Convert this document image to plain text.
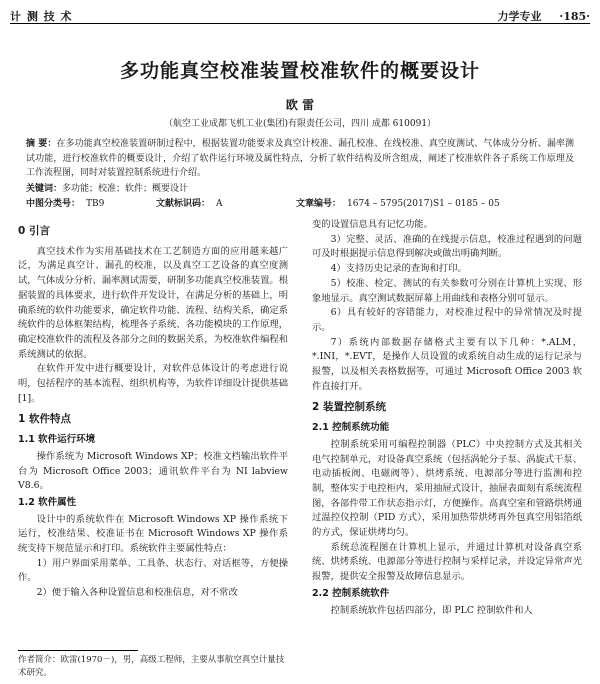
计 测 技 术	力学专业 ·185·
多功能真空校准装置校准软件的概要设计
欧 雷
（航空工业成都飞机工业(集团)有限责任公司，四川 成都 610091）
摘 要：在多功能真空校准装置研制过程中，根据装置功能要求及真空计校准、漏孔校准、在线校准、真空度测试、气体成分分析、漏率测试功能，进行校准软件的概要设计，介绍了软件运行环境及属性特点，分析了软件结构及所含组成，阐述了校准软件各子系统工作原理及工作流程图，同时对装置控制系统进行介绍。
关键词：多功能；校准；软件；概要设计
中图分类号： TB9	文献标识码： A	文章编号： 1674 – 5795(2017)S1 – 0185 – 05
0 引言

真空技术作为实用基础技术在工艺制造方面的应用越来越广泛，为满足真空计、漏孔的校准，以及真空工艺设备的真空度测试，气体成分分析、漏率测试需要，研制多功能真空校准装置。根据装置的具体要求，进行软件开发设计，在满足分析的基础上，明确系统的软件功能要求，确定软件功能、流程、结构关系，确定系统软件的总体框架结构，梳理各子系统、各功能模块的工作原理，确定校准软件的流程及各部分之间的数据关系，为校准软件编程和系统测试的依据。

在软件开发中进行概要设计，对软件总体设计的考虑进行说明，包括程序的基本流程、组织机构等，为软件详细设计提供基础[1]。

1 软件特点
1.1 软件运行环境

操作系统为 Microsoft Windows XP；校准文档输出软件平台为 Microsoft Office 2003；通讯软件平台为 NI labview V8.6。

1.2 软件属性

设计中的系统软件在 Microsoft Windows XP 操作系统下运行，校准结果、校准证书在 Microsoft Windows XP 操作系统支持下规范显示和打印。系统软件主要属性特点：

1）用户界面采用菜单、工具条、状态行、对话框等，方便操作。

2）便于输入各种设置信息和校准信息，对不常改

作者简介：欧雷(1970－)，男，高级工程师，主要从事航空真空计量技术研究。

变的设置信息具有记忆功能。

3）完整、灵活、准确的在线提示信息，校准过程遇到的问题可及时根据提示信息得到解决或做出明确判断。

4）支持历史记录的查询和打印。

5）校准、检定、测试的有关参数可分别在计算机上实现、形象地显示。真空测试数据屏幕上用曲线和表格分别可显示。

6）具有较好的容错能力，对校准过程中的异常情况及时提示。

7）系统内部数据存储格式主要有以下几种：*.ALM，*.INI，*.EVT，是操作人员设置的或系统自动生成的运行记录与报警，以及相关表格数据等，可通过 Microsoft Office 2003 软件直接打开。

2 装置控制系统
2.1 控制系统功能

控制系统采用可编程控制器（PLC）中央控制方式及其相关电气控制单元，对设备真空系统（包括涡轮分子泵、涡旋式干泵、电动插板阀、电磁阀等）、烘烤系统、电源部分等进行监测和控制，整体实于电控柜内，采用抽屉式设计，抽屉表面刻有系统流程图，各部件带工作状态指示灯，方便操作。高真空室和管路烘烤通过温控仪控制（PID 方式），采用加热带烘烤再外包真空用铝箔纸的方式，保证烘烤均匀。

系统总流程图在计算机上显示，并通过计算机对设备真空系统、烘烤系统、电源部分等进行控制与采样记录，并设定异常声光报警，提供安全报警及故障信息显示。

2.2 控制系统软件

控制系统软件包括四部分，即 PLC 控制软件和人
